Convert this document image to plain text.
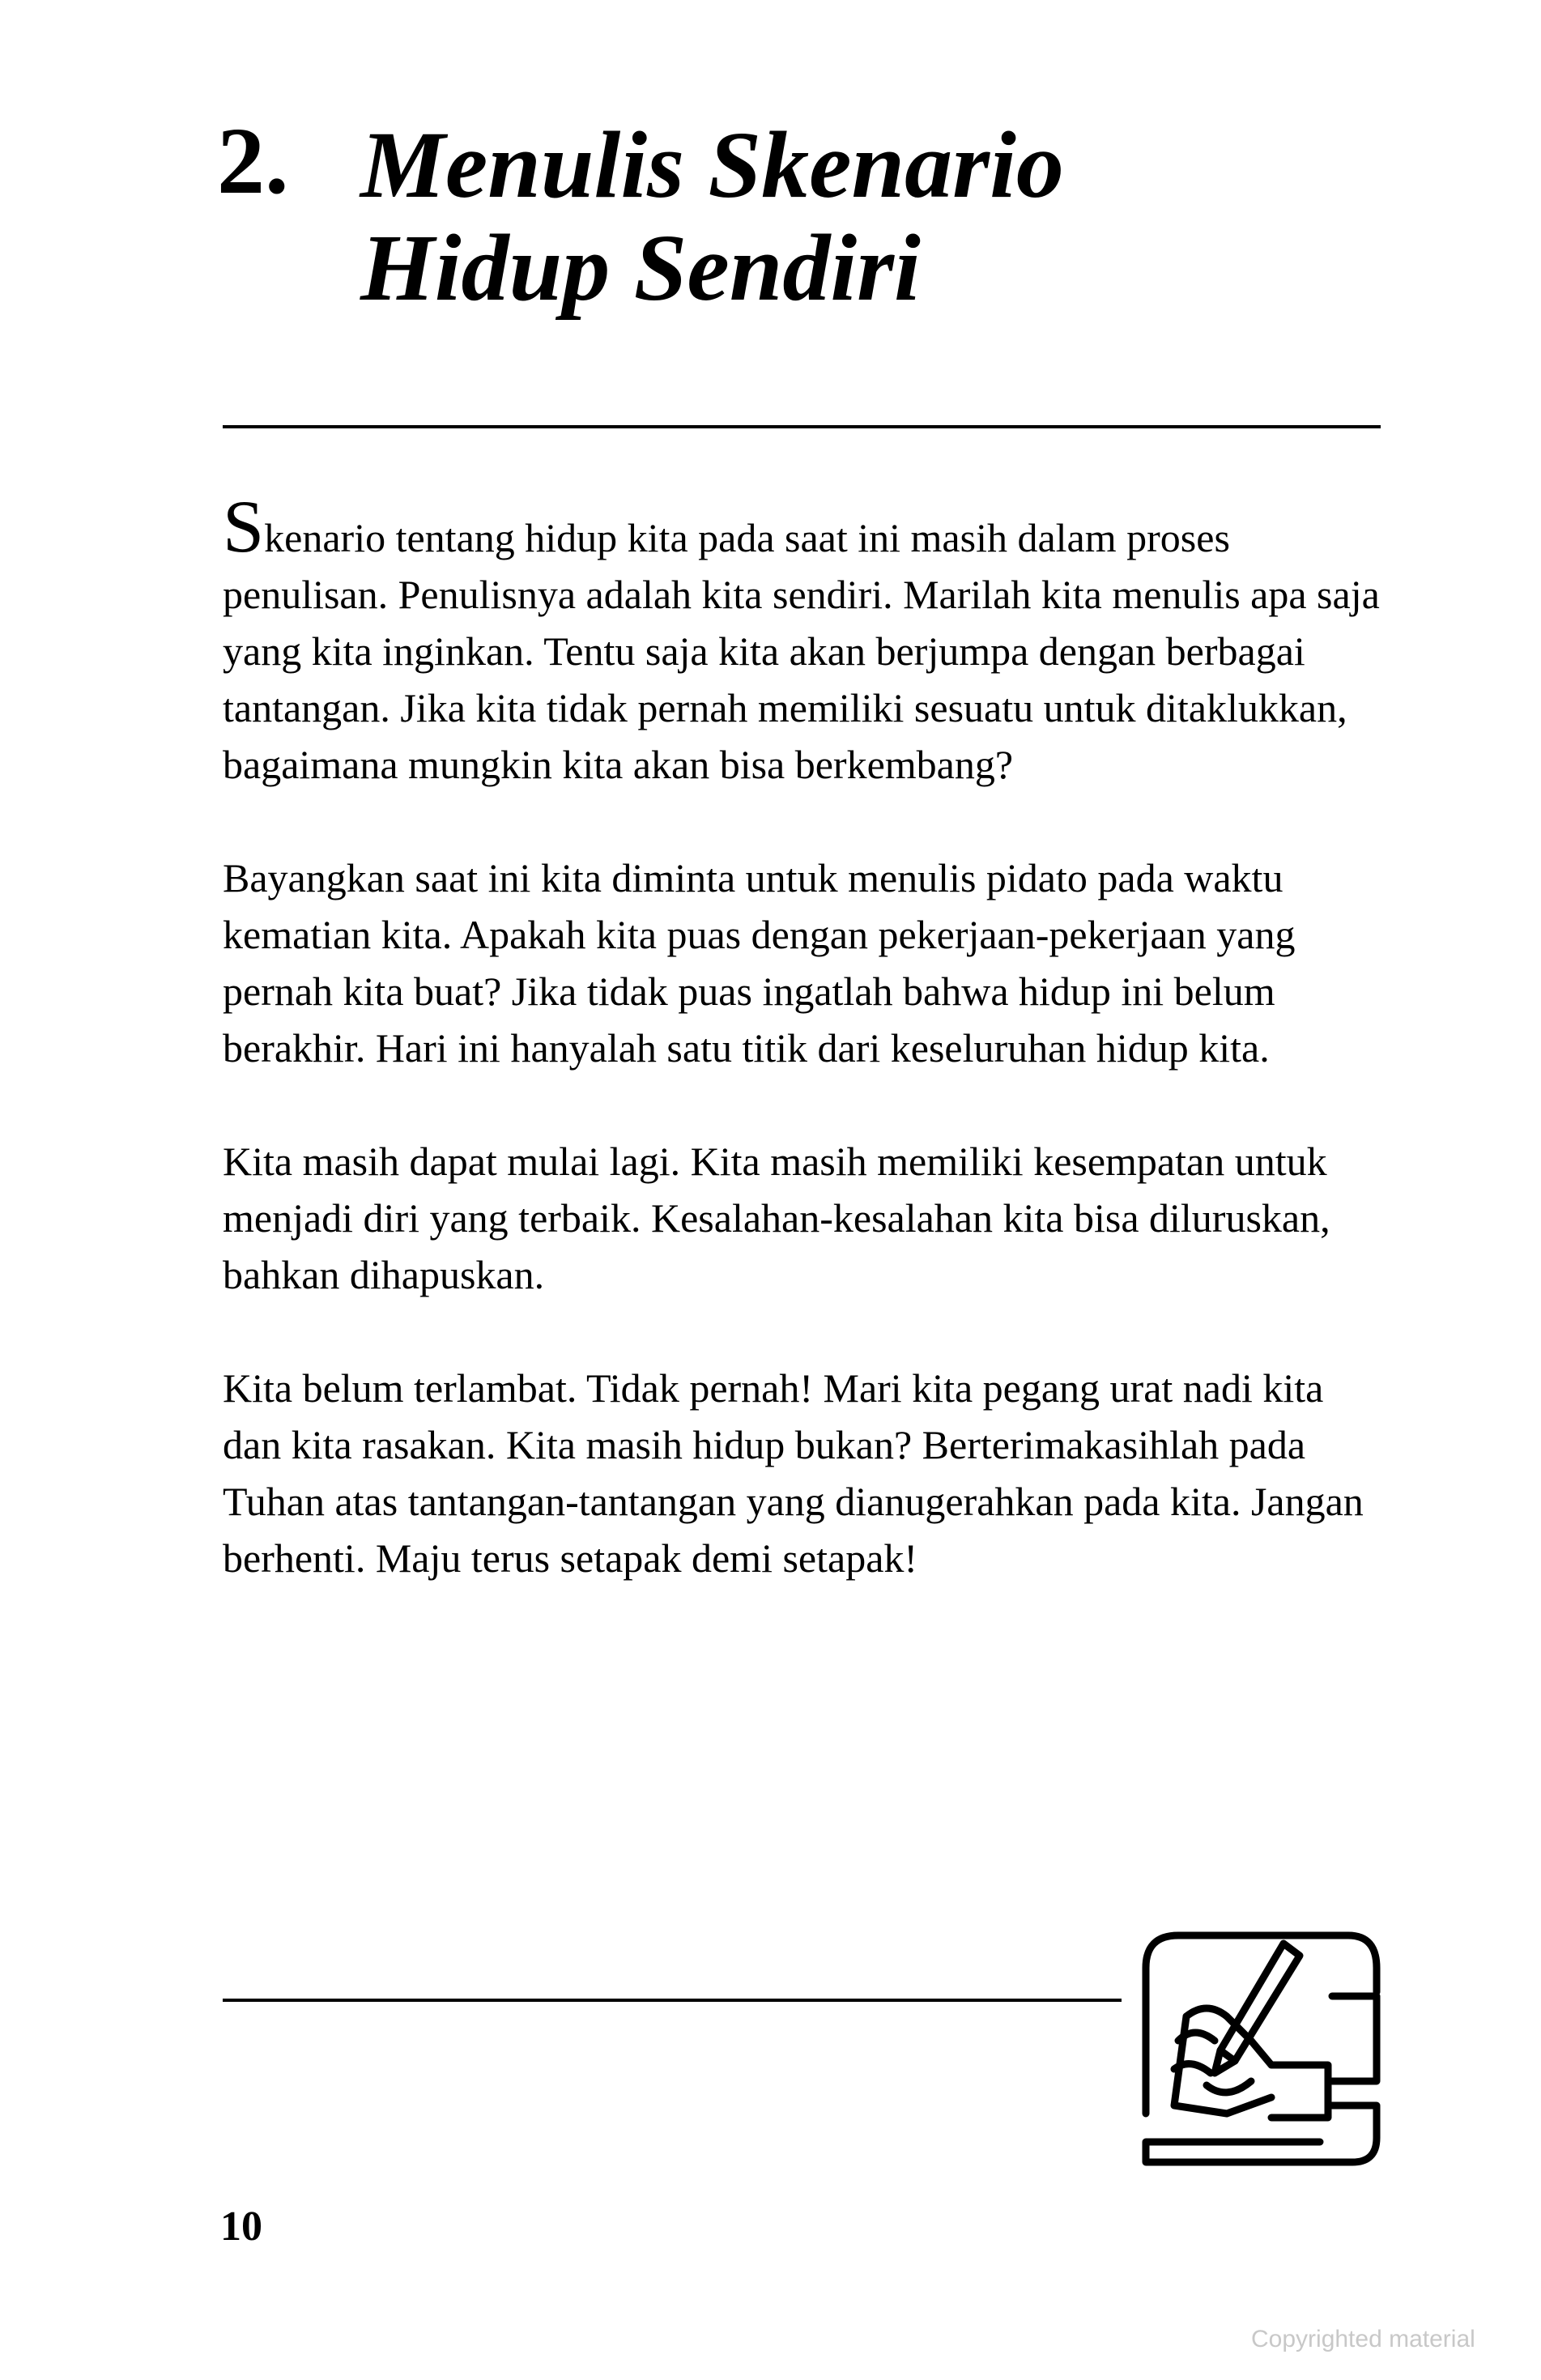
2. Menulis Skenario
Hidup Sendiri

Skenario tentang hidup kita pada saat ini masih dalam proses penulisan. Penulisnya adalah kita sendiri. Marilah kita menulis apa saja yang kita inginkan. Tentu saja kita akan berjumpa dengan berbagai tantangan. Jika kita tidak pernah memiliki sesuatu untuk ditaklukkan, bagaimana mungkin kita akan bisa berkembang?

Bayangkan saat ini kita diminta untuk menulis pidato pada waktu kematian kita. Apakah kita puas dengan pekerjaan-pekerjaan yang pernah kita buat? Jika tidak puas ingatlah bahwa hidup ini belum berakhir. Hari ini hanyalah satu titik dari keseluruhan hidup kita.

Kita masih dapat mulai lagi. Kita masih memiliki kesempatan untuk menjadi diri yang terbaik. Kesalahan-kesalahan kita bisa diluruskan, bahkan dihapuskan.

Kita belum terlambat. Tidak pernah! Mari kita pegang urat nadi kita dan kita rasakan. Kita masih hidup bukan? Berterimakasihlah pada Tuhan atas tantangan-tantangan yang dianugerahkan pada kita. Jangan berhenti. Maju terus setapak demi setapak!

10
Copyrighted material
